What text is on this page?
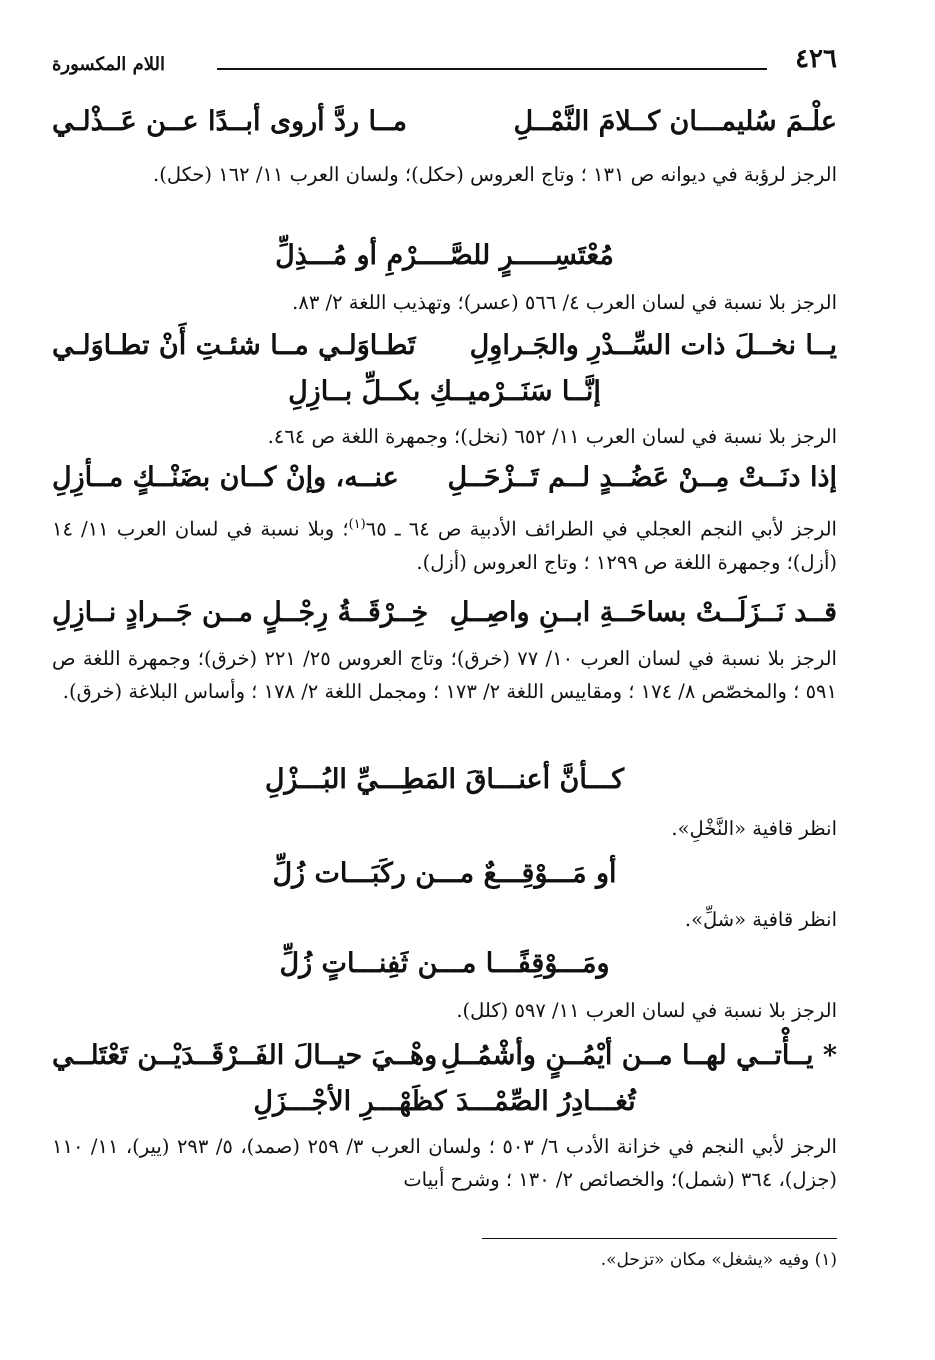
٤٢٦
اللام المكسورة
علْـمَ سُليمـــان كــلامَ النَّمْــلِ
مــا ردَّ أروى أبــدًا عــن عَــذْلـي
الرجز لرؤبة في ديوانه ص ١٣١ ؛ وتاج العروس (حكل)؛ ولسان العرب ١١/ ١٦٢ (حكل).
مُعْتَسِـــــرٍ للصَّــــرْمِ أو مُـــذِلِّ
الرجز بلا نسبة في لسان العرب ٤/ ٥٦٦ (عسر)؛ وتهذيب اللغة ٢/ ٨٣.
يــا نخــلَ ذات السِّــدْرِ والجَـراوِلِ
تَطـاوَلـي مــا شئـتِ أَنْ تطـاوَلـي
إنَّــا سَنَــرْميــكِ بكــلِّ بــازِلِ
الرجز بلا نسبة في لسان العرب ١١/ ٦٥٢ (نخل)؛ وجمهرة اللغة ص ٤٦٤.
إذا دنَــتْ مِــنْ عَضُــدٍ لــم تَــزْحَــلِ
عنــه، وإنْ كــان بضَنْــكٍ مــأزِلِ
الرجز لأبي النجم العجلي في الطرائف الأدبية ص ٦٤ ـ ٦٥$^{(١)}$؛ وبلا نسبة في لسان العرب ١١/ ١٤ (أزل)؛ وجمهرة اللغة ص ١٢٩٩ ؛ وتاج العروس (أزل).
قــد نَــزَلَــتْ بساحَــةِ ابــنِ واصِــلِ
خِــرْقَــةُ رِجْــلٍ مــن جَــرادٍ نــازِلِ
الرجز بلا نسبة في لسان العرب ١٠/ ٧٧ (خرق)؛ وتاج العروس ٢٥/ ٢٢١ (خرق)؛ وجمهرة اللغة ص ٥٩١ ؛ والمخصّص ٨/ ١٧٤ ؛ ومقاييس اللغة ٢/ ١٧٣ ؛ ومجمل اللغة ٢/ ١٧٨ ؛ وأساس البلاغة (خرق).
كـــأنَّ أعنـــاقَ المَطِـــيِّ البُـــزْلِ
انظر قافية «النَّخْلِ».
أو مَـــوْقِـــعٌ مـــن ركَبَـــات زُلِّ
انظر قافية «شلِّ».
ومَـــوْقِفًـــا مـــن ثَفِنـــاتٍ زُلِّ
الرجز بلا نسبة في لسان العرب ١١/ ٥٩٧ (كلل).
* يــأْتــي لهــا مــن أيْمُــنٍ وأشْمُــلِ
وهْــيَ حيــالَ الفَــرْقَــدَيْــن تَعْتَلــي
تُغـــادِرُ الصِّمْـــدَ كظَهْـــرِ الأجْـــزَلِ
الرجز لأبي النجم في خزانة الأدب ٦/ ٥٠٣ ؛ ولسان العرب ٣/ ٢٥٩ (صمد)، ٥/ ٢٩٣ (يير)، ١١/ ١١٠ (جزل)، ٣٦٤ (شمل)؛ والخصائص ٢/ ١٣٠ ؛ وشرح أبيات
(١) وفيه «يشغل» مكان «تزحل».
